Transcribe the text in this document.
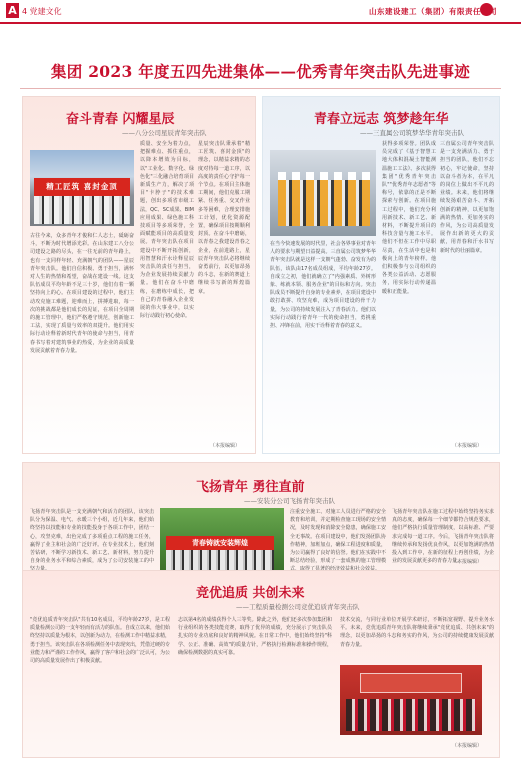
A 4 党建文化	山东建设建工（集团）有限责任公司
集团 2023 年度五四先进集体——优秀青年突击队先进事迹
奋斗青春 闪耀星辰
——八分公司星辰青年突击队
精工匠筑 喜封金顶
古往今来，众多青年才俊和仁人志士，砥砺奋斗，不断为时代增添光彩。在山东建工八分公司建设之路的尽头，在一往无前的青年路上，也有一支同样年轻、充满朝气的团队——星辰青年突击队。他们自信积极、勇于担当，满怀对人生的热情和希望，奋战在建设一线。这支队伍成员平均年龄不足三十岁，他们有着一颗坚持向上的心。在项目建设的过程中，他们主动攻克施工难题，迎难而上，拼搏进取，每一次的挑战都是他们成长的见证，在项目全周期的施工管理中，他们严格遵守规范，创新施工工法，实现了质量与效率的双提升。他们用实际行动诠释着新时代青年的使命与担当，用青春书写着对建筑事业的热爱，为企业的高质量发展贡献着青春力量。
质量、安全为着力点，把握难点、抓住重点，以降本增效为目标，以"工业化、数字化、绿色化"三化融合培育项目新质生产力，解决了项目"卡脖子"的技术难题，创出多项省市级工法，QC、SC成果、BIM应用成果、绿色施工科技项目等多项荣誉，全面赋能项目的高质量发展。青年突击队在项目建设中不断开拓创新，用智慧和汗水诠释星辰突击队的责任与担当，为企业发展持续贡献力量。他们在奋斗中磨练，在磨练中成长，把自己的青春融入企业发展的伟大事业中，以实际行动践行初心使命。
星辰突击队秉承着"精工匠筑、喜封金顶"的理念，以精益求精的态度对待每一道工序，以高度的责任心守护每一个节点。在项目主体施工期间，他们克服工期紧、任务重、交叉作业多等困难，合理安排施工计划，优化资源配置，确保项目按期顺利封顶。在奋斗中磨砺，以青春之我建设青春之企业，在前进路上，星辰青年突击队必将继续奋勇前行，以更加昂扬的斗志，在新的赛道上继续书写新的辉煌篇章。
（本报编辑）
青春立远志 筑梦趁年华
——三直属公司筑梦华华青年突击队
在当今快速发展的时代里，社会各界事业对青年人的要求与期望日益提高。三直属公司筑梦华华青年突击队就是这样一支朝气蓬勃、奋发有为的队伍，该队由17名成员组成，平均年龄27岁。自成立之初，他们就确立了"内强素质、外树形象、练就本领、服务企业"的目标和方向。突击队成员不断提升自身的专业素养，在项目建设中敢打敢拼、攻坚克难，成为项目建设的骨干力量，为公司的持续发展注入了青春活力。他们以实际行动践行着青年一代的使命担当，勇挑重担、冲锋在前，用实干诠释着青春的意义。
获得多项荣誉。团队成员完成了《基于智慧工地大体积混凝土智能测温施工工法》、多次获得集团"优秀青年突击队""优秀青年志愿者"等称号，依靠的正是不断探索与创新。在项目施工过程中，他们充分利用新技术、新工艺、新材料，不断提升项目的科技含量与施工水平。他们不但在工作中尽职尽责，在生活中也是积极向上的青年榜样。他们积极参与公司组织的各类公益活动、志愿服务，用实际行动传递温暖和正能量。
三直属公司青年突击队是一支充满活力、勇于担当的团队，他们不忘初心，牢记使命，坚持以奋斗者为本，在平凡的岗位上做出不平凡的业绩。未来，他们将继续发扬艰苦奋斗、开拓创新的精神，以更加饱满的热情、更加务实的作风，为公司高质量发展作出新的更大的贡献，用青春和汗水书写新时代的壮丽篇章。
（本报编辑）
飞扬青年 勇往直前
——安装分公司飞扬青年突击队
青春铸就安装辉煌
飞扬青年突击队是一支充满朝气和活力的团队，该突击队分为保温、电气、水暖三个小组，近几年来，他们始终坚持以技能和专业的技能投身于各项工作中，团结一心，攻坚克难，出色完成了多项重点工程的施工任务，赢得了业主和社会的广泛好评。在专业技术上，他们刻苦钻研，不断学习新技术、新工艺、新材料，努力提升自身的业务水平和综合素质，成为了公司安装施工的中
注重安全施工、对施工人员进行严格的安全教育和培训，并定期检查施工现场的安全情况，及时发现和消除安全隐患，确保施工安全无事故。在项目建设中，他们发扬团队协作精神，加班加点，确保工程进度和质量，为公司赢得了良好的信誉。他们在实践中不断总结经验，形成了一套成熟的施工管理模
飞扬青年突击队在施工过程中始终坚持务实求真的态度，确保每一个细节都符合规范要求，他们严格执行质量管理制度，以高标准、严要求完成每一道工序。今后，飞扬青年突击队将继续传承和发扬优良作风，以更加饱满的热情投入到工作中，在新的征程上再创佳绩，为企业的发展贡献更多的青春力量。
（本报编辑）
竞优追质 共创未来
——工程质量检测公司竞优追质青年突击队
"竞优追质青年突击队"共有10名成员，平均年龄27岁，是工程质量检测公司的一支年轻而有活力的队伍。自成立以来，他们始终坚持以质量为根本，以创新为动力，在检测工作中精益求精，勇于担当。该突击队在各项检测任务中表现突出，凭借过硬的专业能力和严谨的工作作风，赢得了客户和社会的广泛认可，为公司的高质量发展作出了积极贡献。
志以第4名的成绩获得个人三等奖。除此之外，他们还多次参加集团和行业组织的各类技能竞赛，取得了优异的成绩，充分展示了突击队员扎实的专业功底和良好的精神风貌。在日常工作中，他们始终坚持"科学、公正、准确、高效"的质量方针，严格执行检测标准和操作规程，确保检测数据的真实可靠。
技术交流，与同行业单位开展学术研讨，不断拓宽视野、提升业务水平。未来，竞优追质青年突击队将继续秉承"竞优追质、共创未来"的理念，以更加昂扬的斗志和务实的作风，为公司的持续健康发展贡献青春力量。
（本报编辑）
